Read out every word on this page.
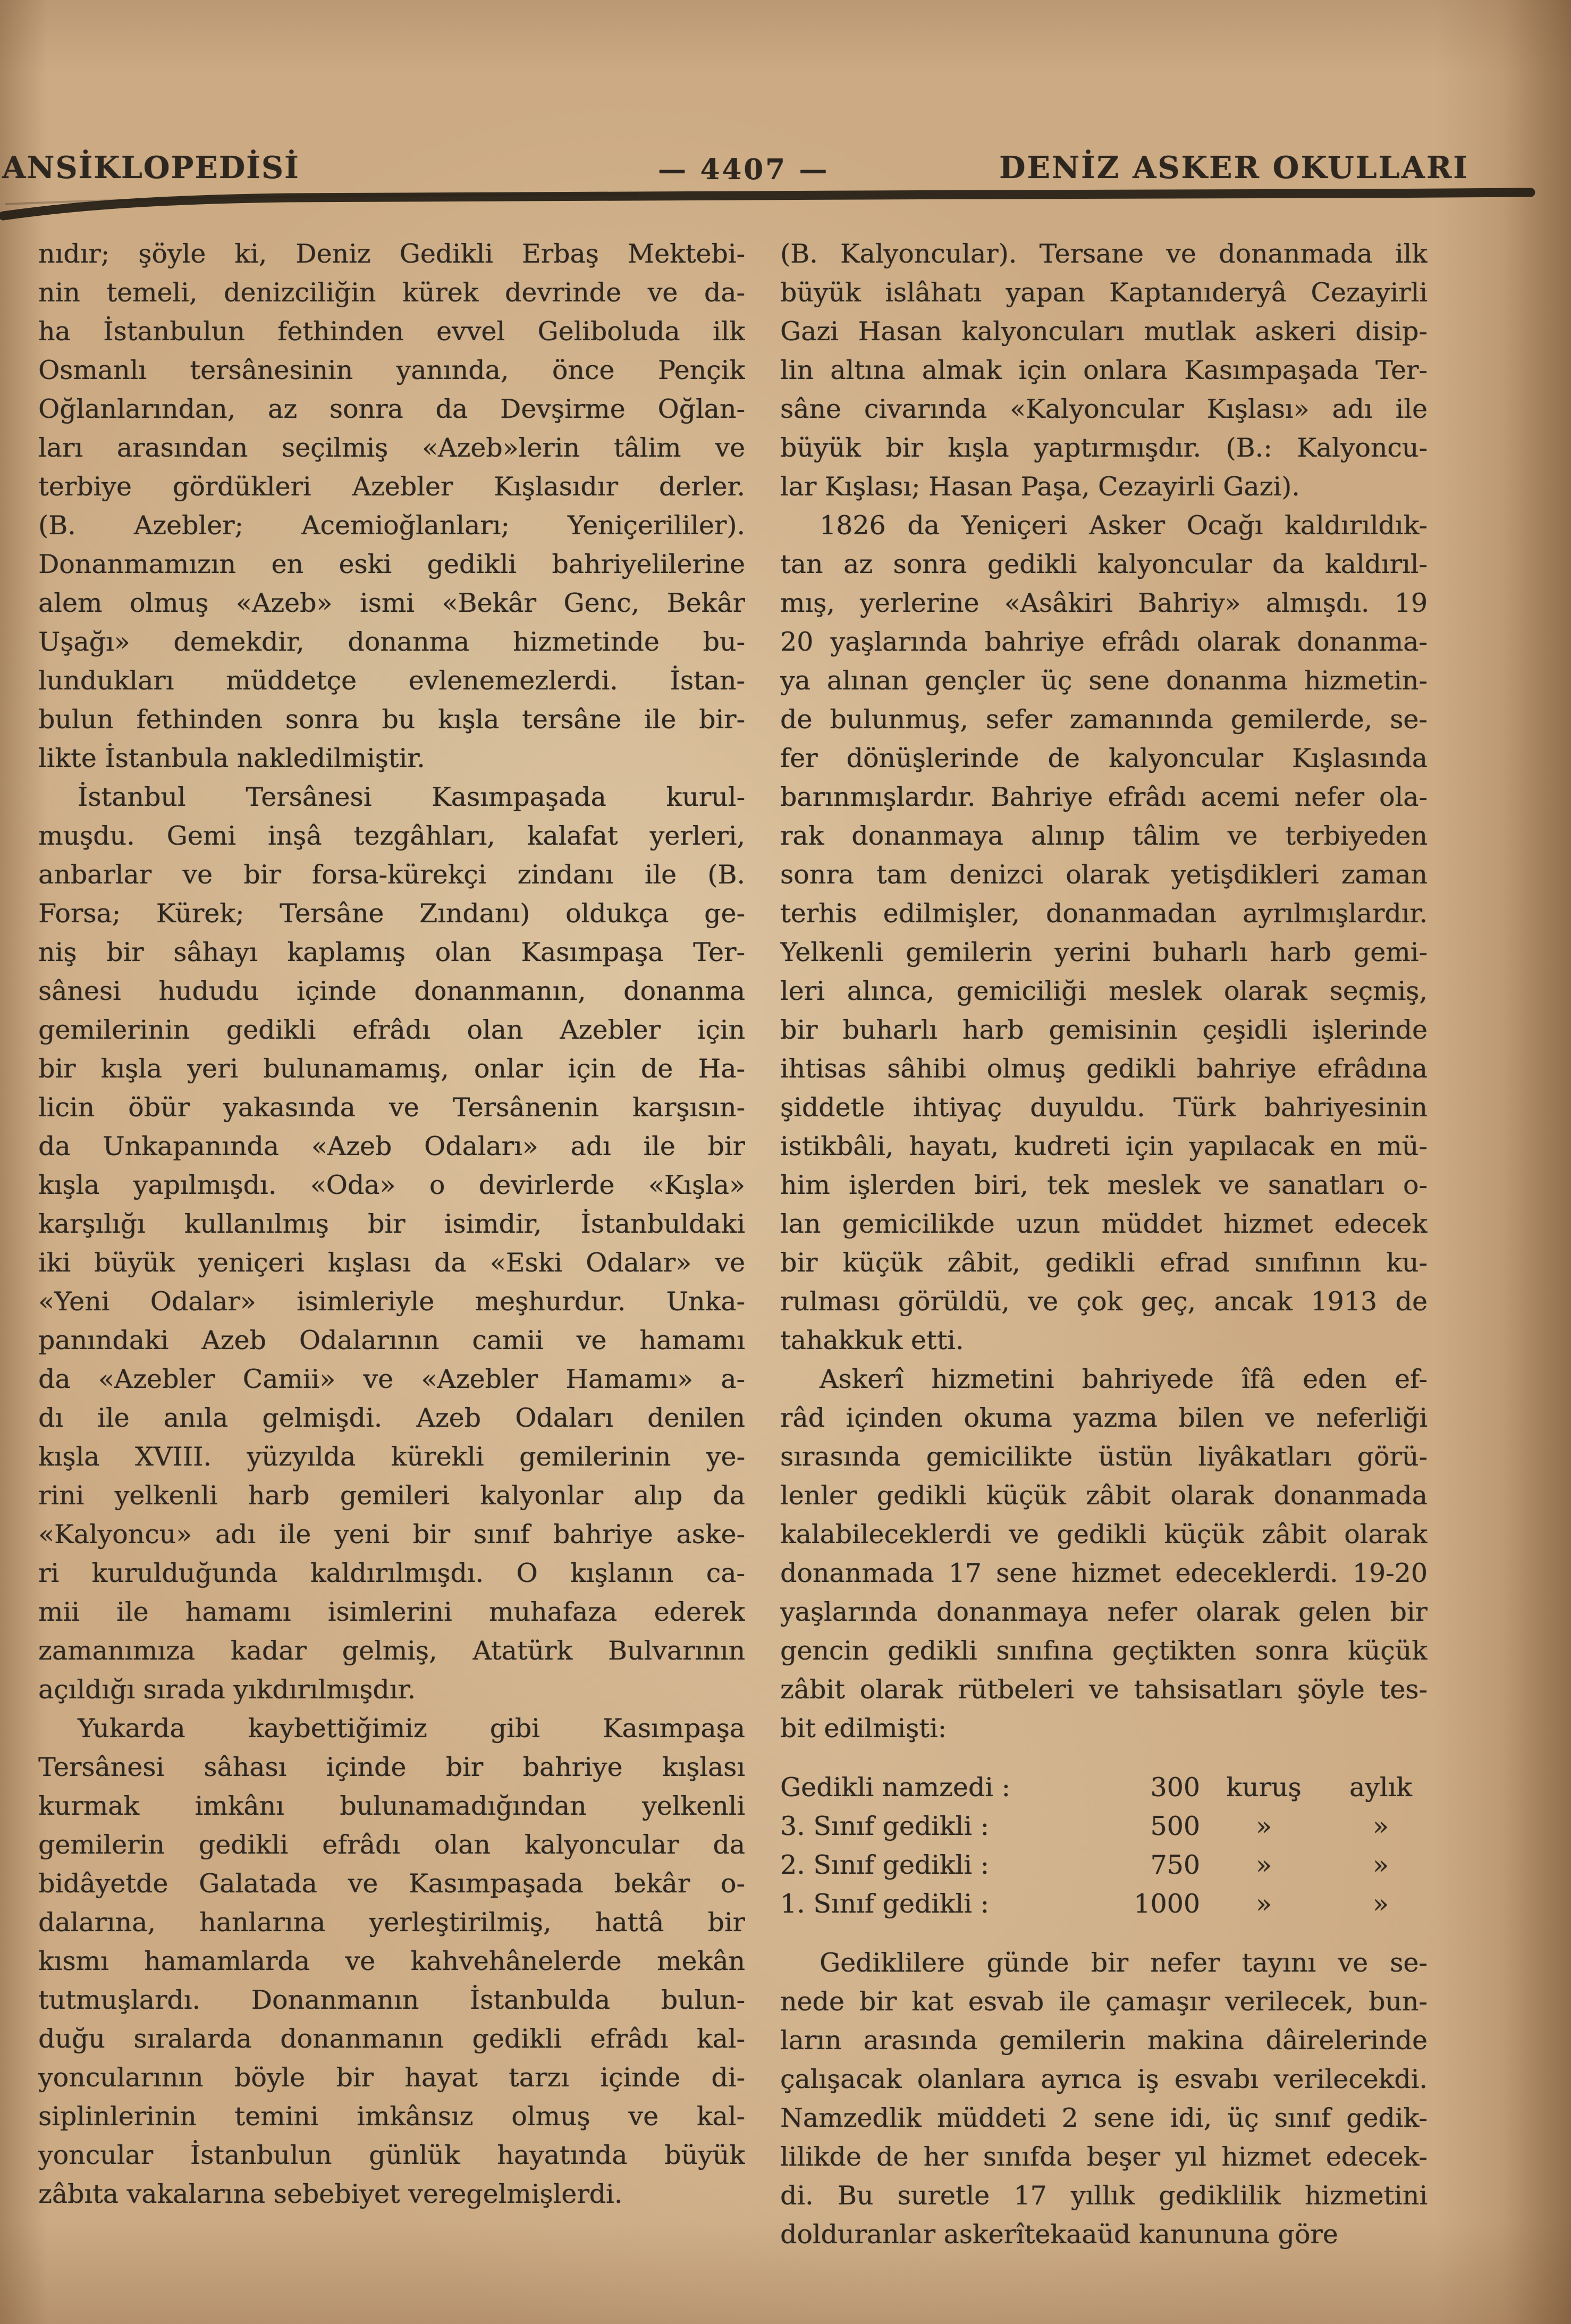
ANSİKLOPEDİSİ	— 4407 —	DENİZ ASKER OKULLARI
nıdır; şöyle ki, Deniz Gedikli Erbaş Mektebi-
nin temeli, denizciliğin kürek devrinde ve da-
ha İstanbulun fethinden evvel Geliboluda ilk
Osmanlı tersânesinin yanında, önce Pençik
Oğlanlarından, az sonra da Devşirme Oğlan-
ları arasından seçilmiş «Azeb»lerin tâlim ve
terbiye gördükleri Azebler Kışlasıdır derler.
(B. Azebler; Acemioğlanları; Yeniçerililer).
Donanmamızın en eski gedikli bahriyelilerine
alem olmuş «Azeb» ismi «Bekâr Genc, Bekâr
Uşağı» demekdir, donanma hizmetinde bu-
lundukları müddetçe evlenemezlerdi. İstan-
bulun fethinden sonra bu kışla tersâne ile bir-
likte İstanbula nakledilmiştir.
İstanbul Tersânesi Kasımpaşada kurul-
muşdu. Gemi inşâ tezgâhları, kalafat yerleri,
anbarlar ve bir forsa-kürekçi zindanı ile (B.
Forsa; Kürek; Tersâne Zındanı) oldukça ge-
niş bir sâhayı kaplamış olan Kasımpaşa Ter-
sânesi hududu içinde donanmanın, donanma
gemilerinin gedikli efrâdı olan Azebler için
bir kışla yeri bulunamamış, onlar için de Ha-
licin öbür yakasında ve Tersânenin karşısın-
da Unkapanında «Azeb Odaları» adı ile bir
kışla yapılmışdı. «Oda» o devirlerde «Kışla»
karşılığı kullanılmış bir isimdir, İstanbuldaki
iki büyük yeniçeri kışlası da «Eski Odalar» ve
«Yeni Odalar» isimleriyle meşhurdur. Unka-
panındaki Azeb Odalarının camii ve hamamı
da «Azebler Camii» ve «Azebler Hamamı» a-
dı ile anıla gelmişdi. Azeb Odaları denilen
kışla XVIII. yüzyılda kürekli gemilerinin ye-
rini yelkenli harb gemileri kalyonlar alıp da
«Kalyoncu» adı ile yeni bir sınıf bahriye aske-
ri kurulduğunda kaldırılmışdı. O kışlanın ca-
mii ile hamamı isimlerini muhafaza ederek
zamanımıza kadar gelmiş, Atatürk Bulvarının
açıldığı sırada yıkdırılmışdır.
Yukarda kaybettiğimiz gibi Kasımpaşa
Tersânesi sâhası içinde bir bahriye kışlası
kurmak imkânı bulunamadığından yelkenli
gemilerin gedikli efrâdı olan kalyoncular da
bidâyetde Galatada ve Kasımpaşada bekâr o-
dalarına, hanlarına yerleştirilmiş, hattâ bir
kısmı hamamlarda ve kahvehânelerde mekân
tutmuşlardı. Donanmanın İstanbulda bulun-
duğu sıralarda donanmanın gedikli efrâdı kal-
yoncularının böyle bir hayat tarzı içinde di-
siplinlerinin temini imkânsız olmuş ve kal-
yoncular İstanbulun günlük hayatında büyük
zâbıta vakalarına sebebiyet veregelmişlerdi.
(B. Kalyoncular). Tersane ve donanmada ilk
büyük islâhatı yapan Kaptanıderyâ Cezayirli
Gazi Hasan kalyoncuları mutlak askeri disip-
lin altına almak için onlara Kasımpaşada Ter-
sâne civarında «Kalyoncular Kışlası» adı ile
büyük bir kışla yaptırmışdır. (B.: Kalyoncu-
lar Kışlası; Hasan Paşa, Cezayirli Gazi).
1826 da Yeniçeri Asker Ocağı kaldırıldık-
tan az sonra gedikli kalyoncular da kaldırıl-
mış, yerlerine «Asâkiri Bahriy» almışdı. 19
20 yaşlarında bahriye efrâdı olarak donanma-
ya alınan gençler üç sene donanma hizmetin-
de bulunmuş, sefer zamanında gemilerde, se-
fer dönüşlerinde de kalyoncular Kışlasında
barınmışlardır. Bahriye efrâdı acemi nefer ola-
rak donanmaya alınıp tâlim ve terbiyeden
sonra tam denizci olarak yetişdikleri zaman
terhis edilmişler, donanmadan ayrılmışlardır.
Yelkenli gemilerin yerini buharlı harb gemi-
leri alınca, gemiciliği meslek olarak seçmiş,
bir buharlı harb gemisinin çeşidli işlerinde
ihtisas sâhibi olmuş gedikli bahriye efrâdına
şiddetle ihtiyaç duyuldu. Türk bahriyesinin
istikbâli, hayatı, kudreti için yapılacak en mü-
him işlerden biri, tek meslek ve sanatları o-
lan gemicilikde uzun müddet hizmet edecek
bir küçük zâbit, gedikli efrad sınıfının ku-
rulması görüldü, ve çok geç, ancak 1913 de
tahakkuk etti.
Askerî hizmetini bahriyede îfâ eden ef-
râd içinden okuma yazma bilen ve neferliği
sırasında gemicilikte üstün liyâkatları görü-
lenler gedikli küçük zâbit olarak donanmada
kalabileceklerdi ve gedikli küçük zâbit olarak
donanmada 17 sene hizmet edeceklerdi. 19-20
yaşlarında donanmaya nefer olarak gelen bir
gencin gedikli sınıfına geçtikten sonra küçük
zâbit olarak rütbeleri ve tahsisatları şöyle tes-
bit edilmişti:
Gedikli namzedi :	300	kuruş	aylık
3. Sınıf gedikli :	500	»	»
2. Sınıf gedikli :	750	»	»
1. Sınıf gedikli :	1000	»	»
Gediklilere günde bir nefer tayını ve se-
nede bir kat esvab ile çamaşır verilecek, bun-
ların arasında gemilerin makina dâirelerinde
çalışacak olanlara ayrıca iş esvabı verilecekdi.
Namzedlik müddeti 2 sene idi, üç sınıf gedik-
lilikde de her sınıfda beşer yıl hizmet edecek-
di. Bu suretle 17 yıllık gediklilik hizmetini
dolduranlar askerîtekaaüd kanununa göre
